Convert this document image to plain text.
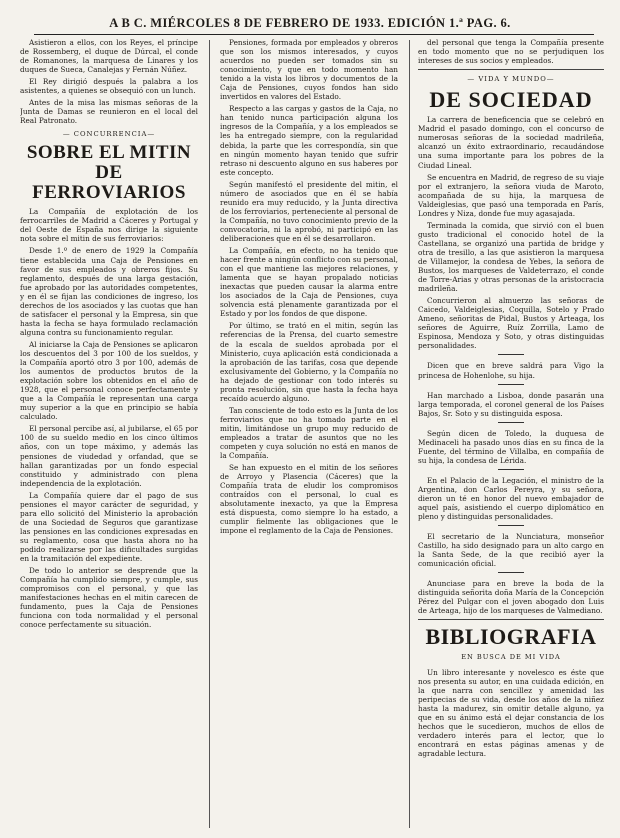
A B C. MIÉRCOLES 8 DE FEBRERO DE 1933. EDICIÓN 1.ª PAG. 6.

Asistieron a ellos, con los Reyes, el príncipe de Rossemberg, el duque de Dúrcal, el conde de Romanones, la marquesa de Linares y los duques de Sueca, Canalejas y Fernán Núñez.

El Rey dirigió después la palabra a los asistentes, a quienes se obsequió con un lunch.

Antes de la misa las mismas señoras de la Junta de Damas se reunieron en el local del Real Patronato.

— CONCURRENCIA —
SOBRE EL MITIN DE FERROVIARIOS

La Compañía de explotación de los ferrocarriles de Madrid a Cáceres y Portugal y del Oeste de España nos dirige la siguiente nota sobre el mitin de sus ferroviarios:

Desde 1.º de enero de 1929 la Compañía tiene establecida una Caja de Pensiones en favor de sus empleados y obreros fijos. Su reglamento, después de una larga gestación, fue aprobado por las autoridades competentes, y en él se fijan las condiciones de ingreso, los derechos de los asociados y las cuotas que han de satisfacer el personal y la Empresa, sin que hasta la fecha se haya formulado reclamación alguna contra su funcionamiento regular.

Al iniciarse la Caja de Pensiones se aplicaron los descuentos del 3 por 100 de los sueldos, y la Compañía aportó otro 3 por 100, además de los aumentos de productos brutos de la explotación sobre los obtenidos en el año de 1928, que el personal conoce perfectamente y que a la Compañía le representan una carga muy superior a la que en principio se había calculado.

El personal percibe así, al jubilarse, el 65 por 100 de su sueldo medio en los cinco últimos años, con un tope máximo, y además las pensiones de viudedad y orfandad, que se hallan garantizadas por un fondo especial constituido y administrado con plena independencia de la explotación.

La Compañía quiere dar el pago de sus pensiones el mayor carácter de seguridad, y para ello solicitó del Ministerio la aprobación de una Sociedad de Seguros que garantizase las pensiones en las condiciones expresadas en su reglamento, cosa que hasta ahora no ha podido realizarse por las dificultades surgidas en la tramitación del expediente.

De todo lo anterior se desprende que la Compañía ha cumplido siempre, y cumple, sus compromisos con el personal, y que las manifestaciones hechas en el mitin carecen de fundamento, pues la Caja de Pensiones funciona con toda normalidad y el personal conoce perfectamente su situación.

Pensiones, formada por empleados y obreros que son los mismos interesados, y cuyos acuerdos no pueden ser tomados sin su conocimiento, y que en todo momento han tenido a la vista los libros y documentos de la Caja de Pensiones, cuyos fondos han sido invertidos en valores del Estado.

Respecto a las cargas y gastos de la Caja, no han tenido nunca participación alguna los ingresos de la Compañía, y a los empleados se les ha entregado siempre, con la regularidad debida, la parte que les correspondía, sin que en ningún momento hayan tenido que sufrir retraso ni descuento alguno en sus haberes por este concepto.

Según manifestó el presidente del mitin, el número de asociados que en él se había reunido era muy reducido, y la Junta directiva de los ferroviarios, perteneciente al personal de la Compañía, no tuvo conocimiento previo de la convocatoria, ni la aprobó, ni participó en las deliberaciones que en él se desarrollaron.

La Compañía, en efecto, no ha tenido que hacer frente a ningún conflicto con su personal, con el que mantiene las mejores relaciones, y lamenta que se hayan propalado noticias inexactas que pueden causar la alarma entre los asociados de la Caja de Pensiones, cuya solvencia está plenamente garantizada por el Estado y por los fondos de que dispone.

Por último, se trató en el mitin, según las referencias de la Prensa, del cuarto semestre de la escala de sueldos aprobada por el Ministerio, cuya aplicación está condicionada a la aprobación de las tarifas, cosa que depende exclusivamente del Gobierno, y la Compañía no ha dejado de gestionar con todo interés su pronta resolución, sin que hasta la fecha haya recaído acuerdo alguno.

Tan consciente de todo esto es la Junta de los ferroviarios que no ha tomado parte en el mitin, limitándose un grupo muy reducido de empleados a tratar de asuntos que no les competen y cuya solución no está en manos de la Compañía.

Se han expuesto en el mitin de los señores de Arroyo y Plasencia (Cáceres) que la Compañía trata de eludir los compromisos contraídos con el personal, lo cual es absolutamente inexacto, ya que la Empresa está dispuesta, como siempre lo ha estado, a cumplir fielmente las obligaciones que le impone el reglamento de la Caja de Pensiones.

del personal que tenga la Compañía presente en todo momento que no se perjudiquen los intereses de sus socios y empleados.

— VIDA Y MUNDO —
DE SOCIEDAD

La carrera de beneficencia que se celebró en Madrid el pasado domingo, con el concurso de numerosas señoras de la sociedad madrileña, alcanzó un éxito extraordinario, recaudándose una suma importante para los pobres de la Ciudad Lineal.

Se encuentra en Madrid, de regreso de su viaje por el extranjero, la señora viuda de Maroto, acompañada de su hija, la marquesa de Valdeiglesias, que pasó una temporada en París, Londres y Niza, donde fue muy agasajada.

Terminada la comida, que sirvió con el buen gusto tradicional el conocido hotel de la Castellana, se organizó una partida de bridge y otra de tresillo, a las que asistieron la marquesa de Villamejor, la condesa de Yebes, la señora de Bustos, los marqueses de Valdeterrazo, el conde de Torre-Arias y otras personas de la aristocracia madrileña.

Concurrieron al almuerzo las señoras de Caicedo, Valdeiglesias, Coquilla, Sotelo y Prado Ameno, señoritas de Pidal, Bustos y Arteaga, los señores de Aguirre, Ruíz Zorrilla, Lamo de Espinosa, Mendoza y Soto, y otras distinguidas personalidades.

Dicen que en breve saldrá para Vigo la princesa de Hohenlohe, su hija.

Han marchado a Lisboa, donde pasarán una larga temporada, el coronel general de los Países Bajos, Sr. Soto y su distinguida esposa.

Según dicen de Toledo, la duquesa de Medinaceli ha pasado unos días en su finca de la Fuente, del término de Villalba, en compañía de su hija, la condesa de Lérida.

En el Palacio de la Legación, el ministro de la Argentina, don Carlos Pereyra, y su señora, dieron un té en honor del nuevo embajador de aquel país, asistiendo el cuerpo diplomático en pleno y distinguidas personalidades.

El secretario de la Nunciatura, monseñor Castillo, ha sido designado para un alto cargo en la Santa Sede, de la que recibió ayer la comunicación oficial.

Anunciase para en breve la boda de la distinguida señorita doña María de la Concepción Pérez del Pulgar con el joven abogado don Luis de Arteaga, hijo de los marqueses de Valmediano.

BIBLIOGRAFIA
EN BUSCA DE MI VIDA

Un libro interesante y novelesco es éste que nos presenta su autor, en una cuidada edición, en la que narra con sencillez y amenidad las peripecias de su vida, desde los años de la niñez hasta la madurez, sin omitir detalle alguno, ya que en su ánimo está el dejar constancia de los hechos que le sucedieron, muchos de ellos de verdadero interés para el lector, que lo encontrará en estas páginas amenas y de agradable lectura.
